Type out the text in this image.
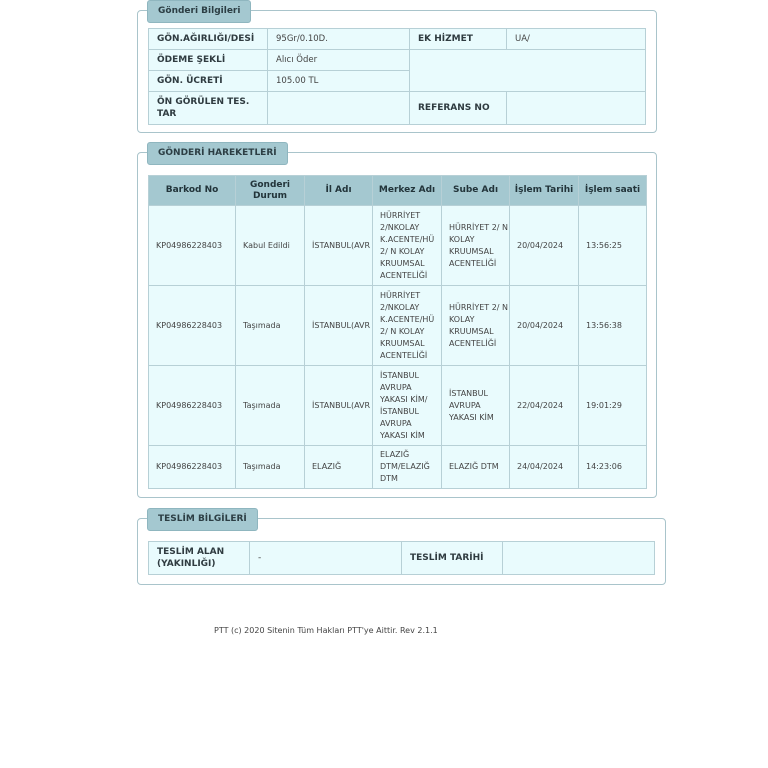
Gönderi Bilgileri
GÖN.AĞIRLIĞI/DESİ	95Gr/0.10D.	EK HİZMET	UA/
ÖDEME ŞEKLİ	Alıcı Öder		
GÖN. ÜCRETİ	105.00 TL		
ÖN GÖRÜLEN TES. TAR		REFERANS NO	
GÖNDERİ HAREKETLERİ
Barkod No	Gonderi Durum	İl Adı	Merkez Adı	Sube Adı	İşlem Tarihi	İşlem saati
KP04986228403	Kabul Edildi	İSTANBUL(AVR	HÜRRİYET 2/NKOLAY K.ACENTE/HÜ 2/ N KOLAY KRUUMSAL ACENTELİĞİ	HÜRRİYET 2/ N KOLAY KRUUMSAL ACENTELİĞİ	20/04/2024	13:56:25
KP04986228403	Taşımada	İSTANBUL(AVR	HÜRRİYET 2/NKOLAY K.ACENTE/HÜ 2/ N KOLAY KRUUMSAL ACENTELİĞİ	HÜRRİYET 2/ N KOLAY KRUUMSAL ACENTELİĞİ	20/04/2024	13:56:38
KP04986228403	Taşımada	İSTANBUL(AVR	İSTANBUL AVRUPA YAKASI KİM/ İSTANBUL AVRUPA YAKASI KİM	İSTANBUL AVRUPA YAKASI KİM	22/04/2024	19:01:29
KP04986228403	Taşımada	ELAZIĞ	ELAZIĞ DTM/ELAZIĞ DTM	ELAZIĞ DTM	24/04/2024	14:23:06
TESLİM BİLGİLERİ
TESLİM ALAN (YAKINLIĞI)	-	TESLİM TARİHİ	
PTT (c) 2020 Sitenin Tüm Hakları PTT'ye Aittir. Rev 2.1.1
